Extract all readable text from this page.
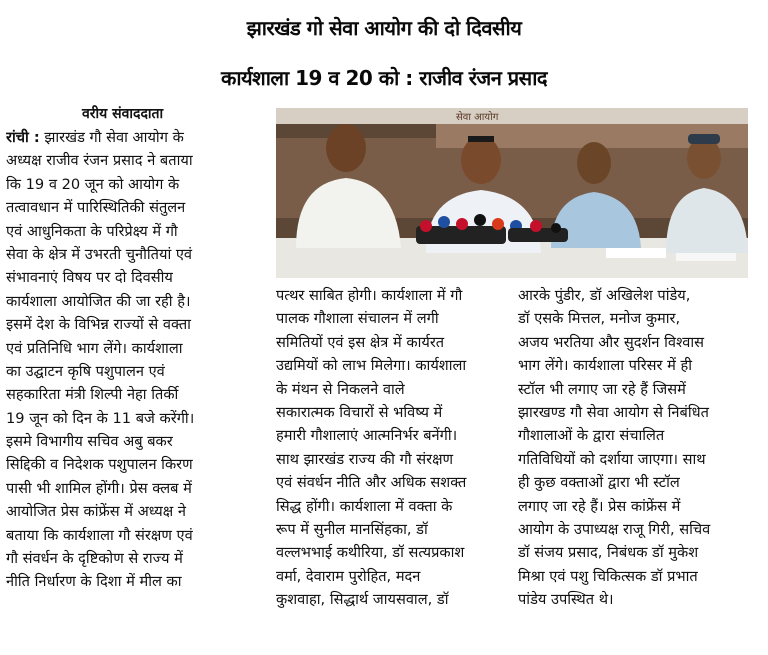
झारखंड गो सेवा आयोग की दो दिवसीय
कार्यशाला 19 व 20 को : राजीव रंजन प्रसाद
वरीय संवाददाता	सेवा आयोग
रांची : झारखंड गौ सेवा आयोग के
अध्यक्ष राजीव रंजन प्रसाद ने बताया
कि 19 व 20 जून को आयोग के
तत्वावधान में पारिस्थितिकी संतुलन
एवं आधुनिकता के परिप्रेक्ष्य में गौ
सेवा के क्षेत्र में उभरती चुनौतियां एवं
संभावनाएं विषय पर दो दिवसीय
कार्यशाला आयोजित की जा रही है।
इसमें देश के विभिन्न राज्यों से वक्ता
एवं प्रतिनिधि भाग लेंगे। कार्यशाला
का उद्घाटन कृषि पशुपालन एवं
सहकारिता मंत्री शिल्पी नेहा तिर्की
19 जून को दिन के 11 बजे करेंगी।
इसमे विभागीय सचिव अबु बकर
सिद्दिकी व निदेशक पशुपालन किरण
पासी भी शामिल होंगी। प्रेस क्लब में
आयोजित प्रेस कांफ्रेंस में अध्यक्ष ने
बताया कि कार्यशाला गौ संरक्षण एवं
गौ संवर्धन के दृष्टिकोण से राज्य में
नीति निर्धारण के दिशा में मील का
पत्थर साबित होगी। कार्यशाला में गौ
पालक गौशाला संचालन में लगी
समितियों एवं इस क्षेत्र में कार्यरत
उद्यमियों को लाभ मिलेगा। कार्यशाला
के मंथन से निकलने वाले
सकारात्मक विचारों से भविष्य में
हमारी गौशालाएं आत्मनिर्भर बनेंगी।
साथ झारखंड राज्य की गौ संरक्षण
एवं संवर्धन नीति और अधिक सशक्त
सिद्ध होंगी। कार्यशाला में वक्ता के
रूप में सुनील मानसिंहका, डॉ
वल्लभभाई कथीरिया, डॉ सत्यप्रकाश
वर्मा, देवाराम पुरोहित, मदन
कुशवाहा, सिद्धार्थ जायसवाल, डॉ
आरके पुंडीर, डॉ अखिलेश पांडेय,
डॉ एसके मित्तल, मनोज कुमार,
अजय भरतिया और सुदर्शन विश्वास
भाग लेंगे। कार्यशाला परिसर में ही
स्टॉल भी लगाए जा रहे हैं जिसमें
झारखण्ड गौ सेवा आयोग से निबंधित
गौशालाओं के द्वारा संचालित
गतिविधियों को दर्शाया जाएगा। साथ
ही कुछ वक्ताओं द्वारा भी स्टॉल
लगाए जा रहे हैं। प्रेस कांफ्रेंस में
आयोग के उपाध्यक्ष राजू गिरी, सचिव
डॉ संजय प्रसाद, निबंधक डॉ मुकेश
मिश्रा एवं पशु चिकित्सक डॉ प्रभात
पांडेय उपस्थित थे।
